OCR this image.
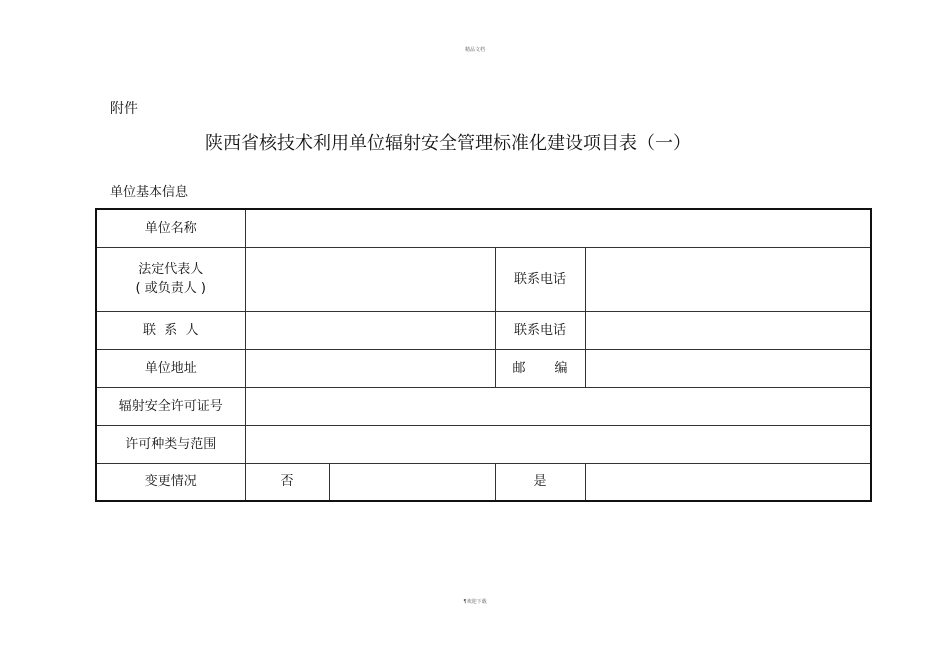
精品文档
附件
陕西省核技术利用单位辐射安全管理标准化建设项目表（一）
单位基本信息
单位名称				

法定代表人
( 或负责人 )			联系电话	
联  系  人			联系电话	
单位地址			邮       编	
辐射安全许可证号				
许可种类与范围				
变更情况	否		是	
¶欢迎下载
